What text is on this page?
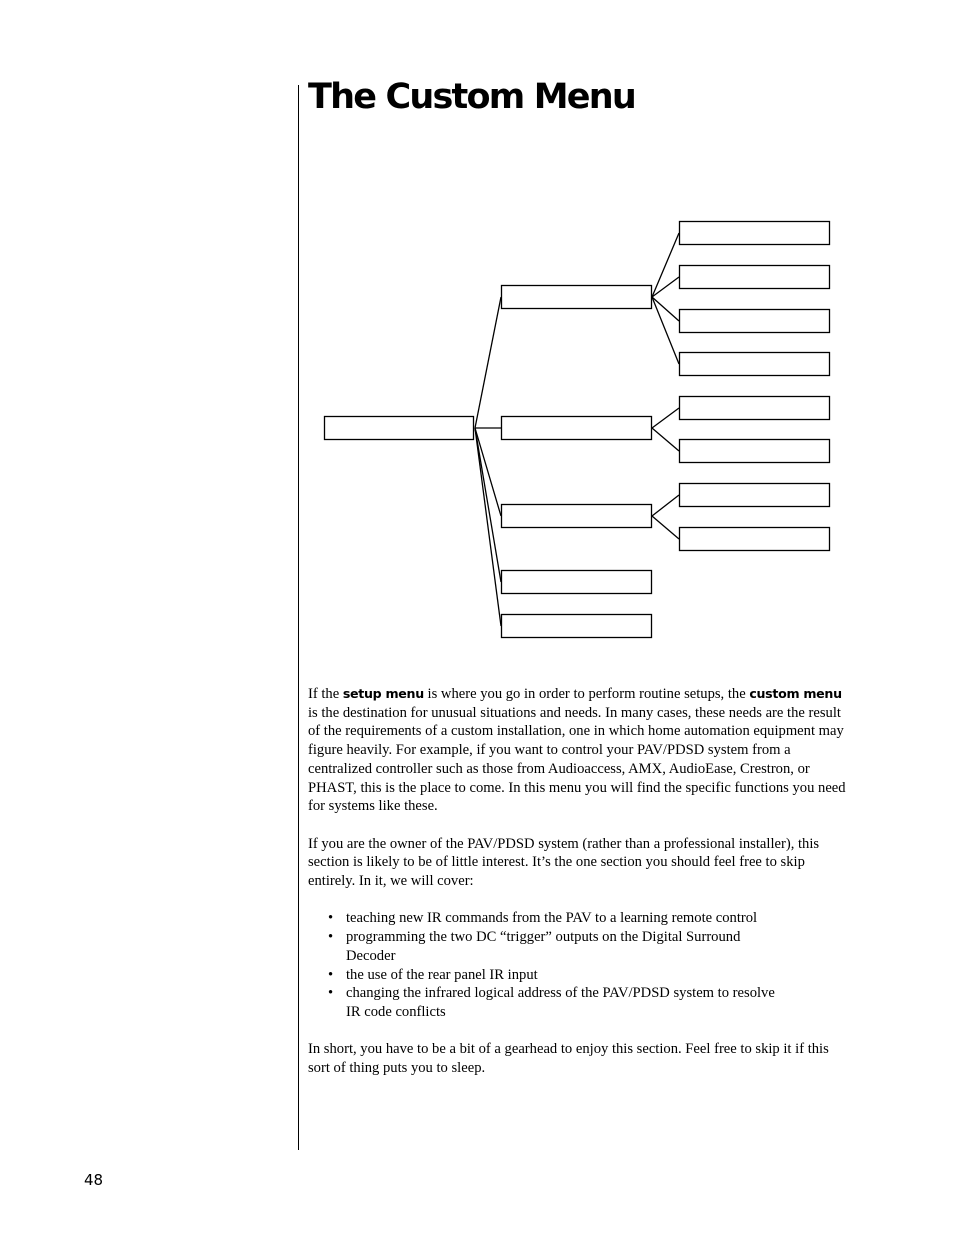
The Custom Menu

If the setup menu is where you go in order to perform routine setups, the custom menu is the destination for unusual situations and needs. In many cases, these needs are the result of the requirements of a custom installation, one in which home automation equipment may figure heavily. For example, if you want to control your PAV/PDSD system from a centralized controller such as those from Audioaccess, AMX, AudioEase, Crestron, or PHAST, this is the place to come. In this menu you will find the specific functions you need for systems like these.

If you are the owner of the PAV/PDSD system (rather than a professional installer), this section is likely to be of little interest. It’s the one section you should feel free to skip entirely. In it, we will cover:

• teaching new IR commands from the PAV to a learning remote control
• programming the two DC “trigger” outputs on the Digital Surround Decoder
• the use of the rear panel IR input
• changing the infrared logical address of the PAV/PDSD system to resolve IR code conflicts

In short, you have to be a bit of a gearhead to enjoy this section. Feel free to skip it if this sort of thing puts you to sleep.

48
